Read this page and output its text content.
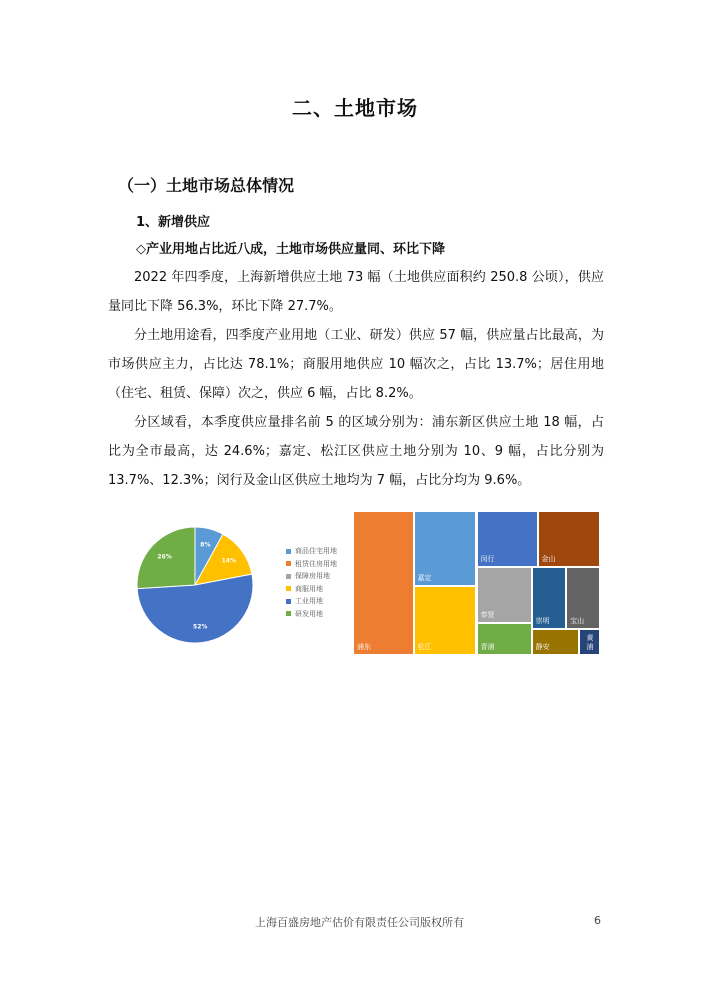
二、土地市场
（一）土地市场总体情况
1、新增供应
◇产业用地占比近八成，土地市场供应量同、环比下降

2022 年四季度，上海新增供应土地 73 幅（土地供应面积约 250.8 公顷），供应量同比下降 56.3%，环比下降 27.7%。

分土地用途看，四季度产业用地（工业、研发）供应 57 幅，供应量占比最高，为市场供应主力，占比达 78.1%；商服用地供应 10 幅次之，占比 13.7%；居住用地（住宅、租赁、保障）次之，供应 6 幅，占比 8.2%。

分区域看，本季度供应量排名前 5 的区域分别为：浦东新区供应土地 18 幅，占比为全市最高，达 24.6%；嘉定、松江区供应土地分别为 10、9 幅，占比分别为 13.7%、12.3%；闵行及金山区供应土地均为 7 幅，占比分均为 9.6%。

8%
14%
52%
26%
商品住宅用地
租赁住房用地
保障房用地
商服用地
工业用地
研发用地
浦东
嘉定
松江
闵行	金山
奉贤
青浦
崇明	宝山
静安
黄浦
上海百盛房地产估价有限责任公司版权所有	6
